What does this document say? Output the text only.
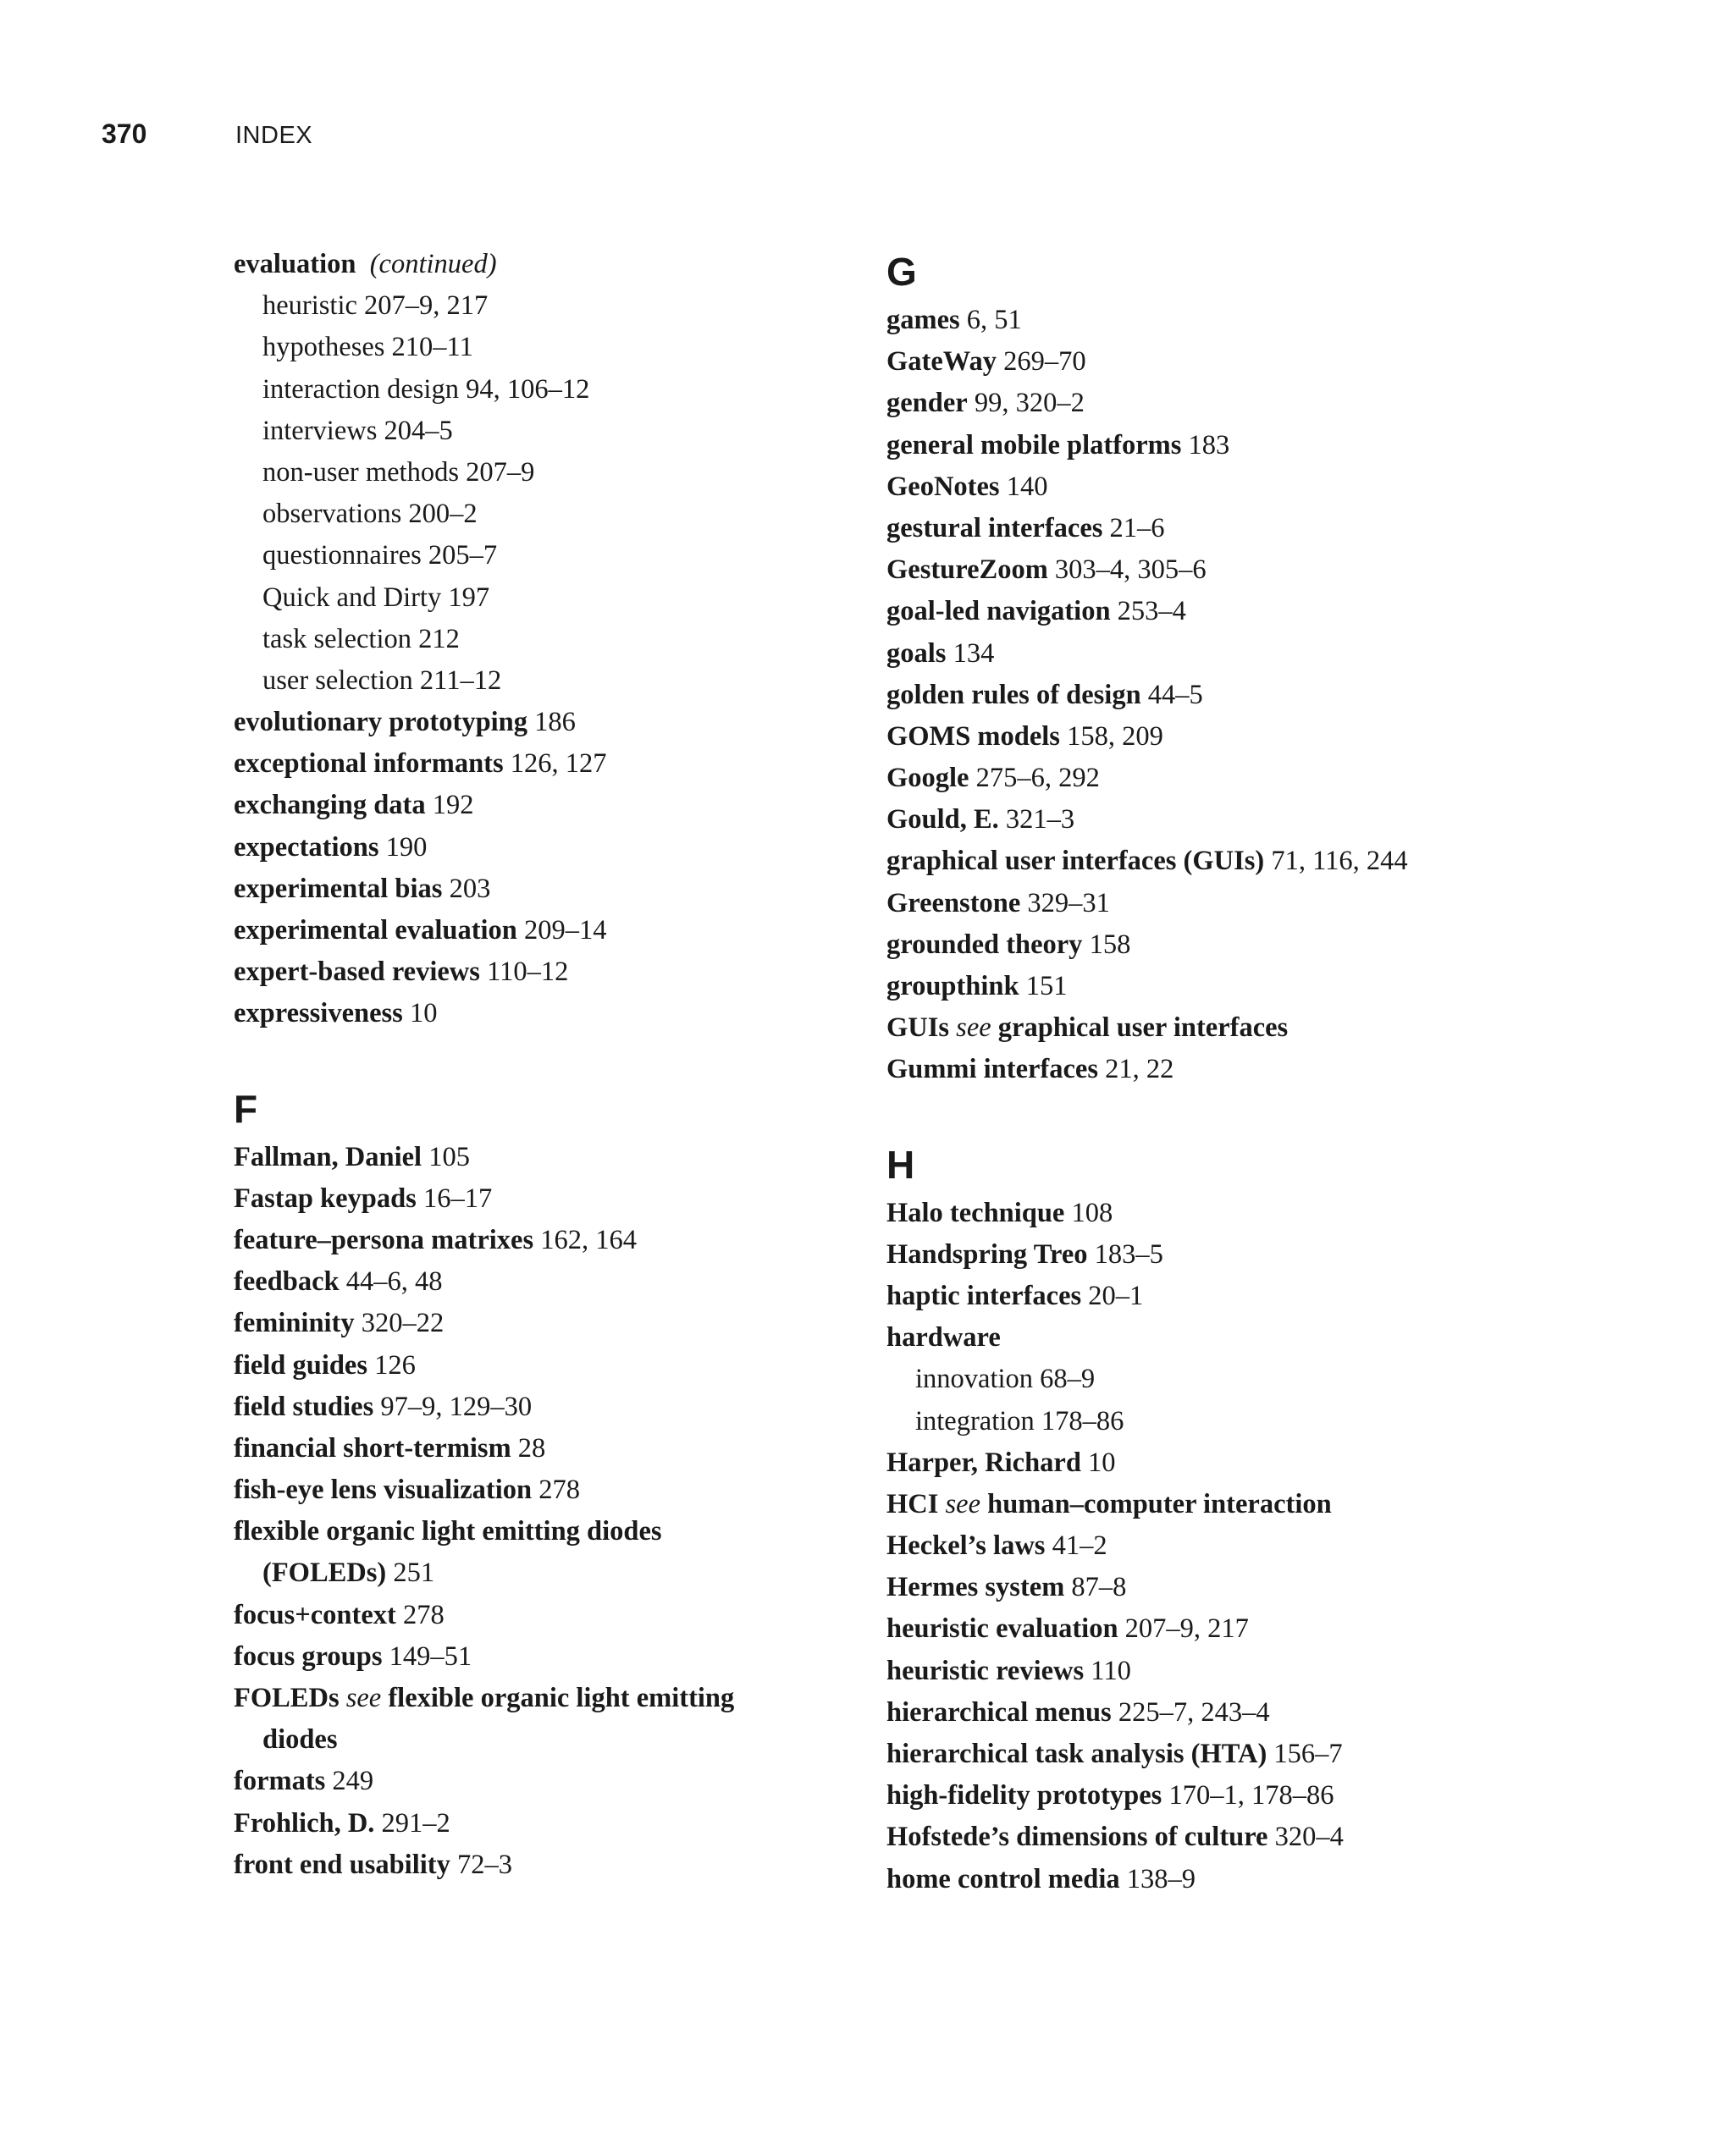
370	INDEX
evaluation (continued)
heuristic 207–9, 217
hypotheses 210–11
interaction design 94, 106–12
interviews 204–5
non-user methods 207–9
observations 200–2
questionnaires 205–7
Quick and Dirty 197
task selection 212
user selection 211–12
evolutionary prototyping 186
exceptional informants 126, 127
exchanging data 192
expectations 190
experimental bias 203
experimental evaluation 209–14
expert-based reviews 110–12
expressiveness 10
F
Fallman, Daniel 105
Fastap keypads 16–17
feature–persona matrixes 162, 164
feedback 44–6, 48
femininity 320–22
field guides 126
field studies 97–9, 129–30
financial short-termism 28
fish-eye lens visualization 278
flexible organic light emitting diodes
(FOLEDs) 251
focus+context 278
focus groups 149–51
FOLEDs see flexible organic light emitting
diodes
formats 249
Frohlich, D. 291–2
front end usability 72–3
G
games 6, 51
GateWay 269–70
gender 99, 320–2
general mobile platforms 183
GeoNotes 140
gestural interfaces 21–6
GestureZoom 303–4, 305–6
goal-led navigation 253–4
goals 134
golden rules of design 44–5
GOMS models 158, 209
Google 275–6, 292
Gould, E. 321–3
graphical user interfaces (GUIs) 71, 116, 244
Greenstone 329–31
grounded theory 158
groupthink 151
GUIs see graphical user interfaces
Gummi interfaces 21, 22
H
Halo technique 108
Handspring Treo 183–5
haptic interfaces 20–1
hardware
innovation 68–9
integration 178–86
Harper, Richard 10
HCI see human–computer interaction
Heckel’s laws 41–2
Hermes system 87–8
heuristic evaluation 207–9, 217
heuristic reviews 110
hierarchical menus 225–7, 243–4
hierarchical task analysis (HTA) 156–7
high-fidelity prototypes 170–1, 178–86
Hofstede’s dimensions of culture 320–4
home control media 138–9
